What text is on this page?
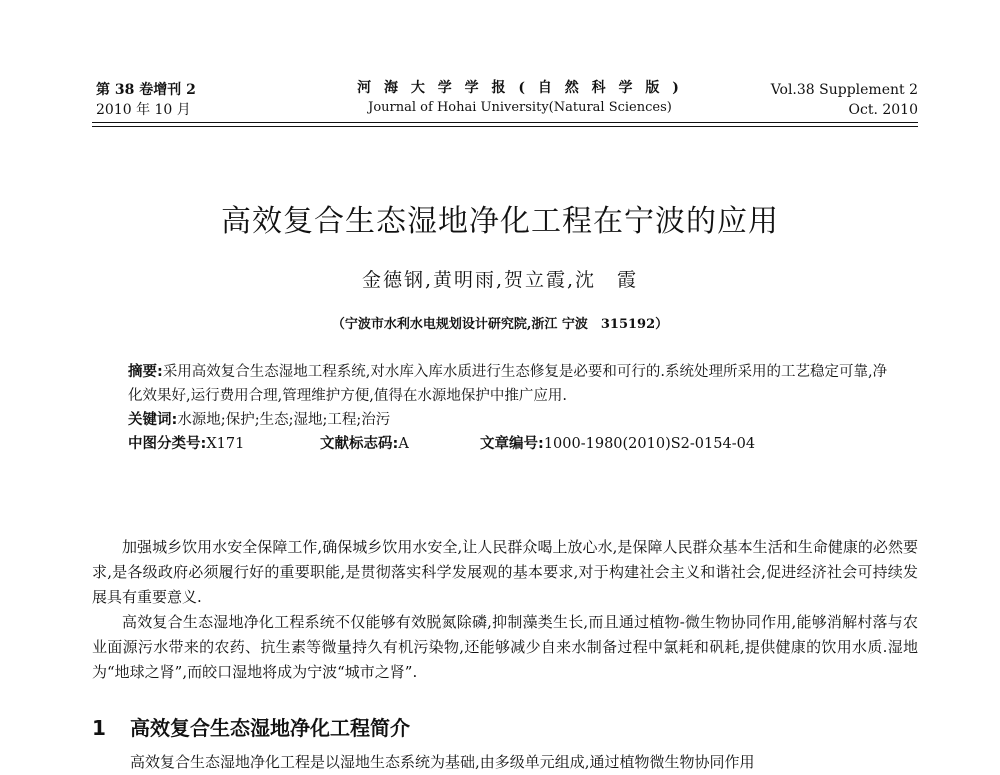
第 38 卷增刊 2
2010 年 10 月
河 海 大 学 学 报 ( 自 然 科 学 版 )
Journal of Hohai University(Natural Sciences)
Vol.38 Supplement 2
Oct. 2010
高效复合生态湿地净化工程在宁波的应用
金德钢,黄明雨,贺立霞,沈　霞
（宁波市水利水电规划设计研究院,浙江 宁波　315192）

摘要:采用高效复合生态湿地工程系统,对水库入库水质进行生态修复是必要和可行的.系统处理所采用的工艺稳定可靠,净化效果好,运行费用合理,管理维护方便,值得在水源地保护中推广应用.

关键词:水源地;保护;生态;湿地;工程;治污

中图分类号:X171	文献标志码:A	文章编号:1000-1980(2010)S2-0154-04

加强城乡饮用水安全保障工作,确保城乡饮用水安全,让人民群众喝上放心水,是保障人民群众基本生活和生命健康的必然要求,是各级政府必须履行好的重要职能,是贯彻落实科学发展观的基本要求,对于构建社会主义和谐社会,促进经济社会可持续发展具有重要意义.

高效复合生态湿地净化工程系统不仅能够有效脱氮除磷,抑制藻类生长,而且通过植物-微生物协同作用,能够消解村落与农业面源污水带来的农药、抗生素等微量持久有机污染物,还能够减少自来水制备过程中氯耗和矾耗,提供健康的饮用水质.湿地为“地球之肾”,而皎口湿地将成为宁波“城市之肾”.

1 高效复合生态湿地净化工程简介
高效复合生态湿地净化工程是以湿地生态系统为基础,由多级单元组成,通过植物微生物协同作用
